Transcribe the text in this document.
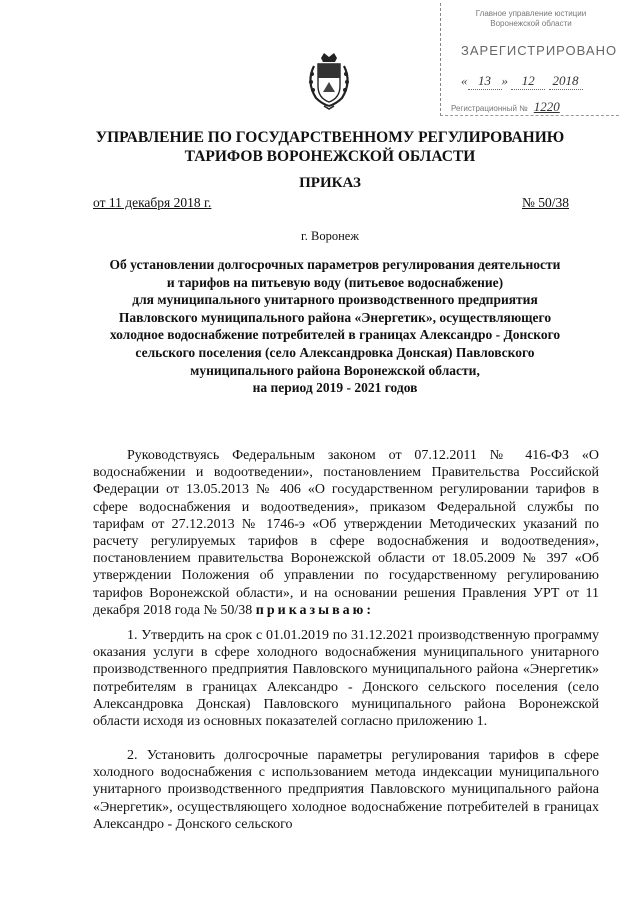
Главное управление юстиции
Воронежской области
ЗАРЕГИСТРИРОВАНО
« 13 » 12 2018
Регистрационный № 1220
УПРАВЛЕНИЕ ПО ГОСУДАРСТВЕННОМУ РЕГУЛИРОВАНИЮ
ТАРИФОВ ВОРОНЕЖСКОЙ ОБЛАСТИ
ПРИКАЗ
от 11 декабря 2018 г.	№ 50/38
г. Воронеж
Об установлении долгосрочных параметров регулирования деятельности
и тарифов на питьевую воду (питьевое водоснабжение)
для муниципального унитарного производственного предприятия
Павловского муниципального района «Энергетик», осуществляющего
холодное водоснабжение потребителей в границах Александро - Донского
сельского поселения (село Александровка Донская) Павловского
муниципального района Воронежской области,
на период 2019 - 2021 годов
Руководствуясь Федеральным законом от 07.12.2011 № 416-ФЗ «О водоснабжении и водоотведении», постановлением Правительства Российской Федерации от 13.05.2013 № 406 «О государственном регулировании тарифов в сфере водоснабжения и водоотведения», приказом Федеральной службы по тарифам от 27.12.2013 № 1746-э «Об утверждении Методических указаний по расчету регулируемых тарифов в сфере водоснабжения и водоотведения», постановлением правительства Воронежской области от 18.05.2009 № 397 «Об утверждении Положения об управлении по государственному регулированию тарифов Воронежской области», и на основании решения Правления УРТ от 11 декабря 2018 года № 50/38 приказываю:
1. Утвердить на срок с 01.01.2019 по 31.12.2021 производственную программу оказания услуги в сфере холодного водоснабжения муниципального унитарного производственного предприятия Павловского муниципального района «Энергетик» потребителям в границах Александро - Донского сельского поселения (село Александровка Донская) Павловского муниципального района Воронежской области исходя из основных показателей согласно приложению 1.
2. Установить долгосрочные параметры регулирования тарифов в сфере холодного водоснабжения с использованием метода индексации муниципального унитарного производственного предприятия Павловского муниципального района «Энергетик», осуществляющего холодное водоснабжение потребителей в границах Александро - Донского сельского
